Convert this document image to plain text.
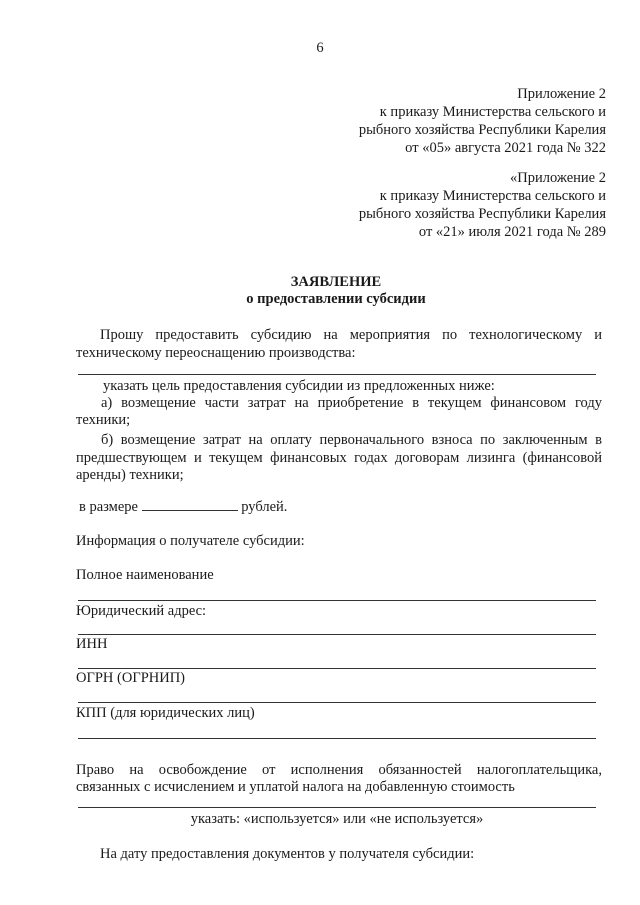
6
Приложение 2
к приказу Министерства сельского и
рыбного хозяйства Республики Карелия
от «05» августа 2021 года № 322
«Приложение 2
к приказу Министерства сельского и
рыбного хозяйства Республики Карелия
от «21» июля 2021 года № 289
ЗАЯВЛЕНИЕ
о предоставлении субсидии
Прошу предоставить субсидию на мероприятия по технологическому и
техническому переоснащению производства:
указать цель предоставления субсидии из предложенных ниже:
а) возмещение части затрат на приобретение в текущем финансовом году
техники;
б) возмещение затрат на оплату первоначального взноса по заключенным в
предшествующем и текущем финансовых годах договорам лизинга (финансовой
аренды) техники;
в размере	рублей.
Информация о получателе субсидии:
Полное наименование
Юридический адрес:
ИНН
ОГРН (ОГРНИП)
КПП (для юридических лиц)
Право на освобождение от исполнения обязанностей налогоплательщика,
связанных с исчислением и уплатой налога на добавленную стоимость
указать: «используется» или «не используется»
На дату предоставления документов у получателя субсидии:
